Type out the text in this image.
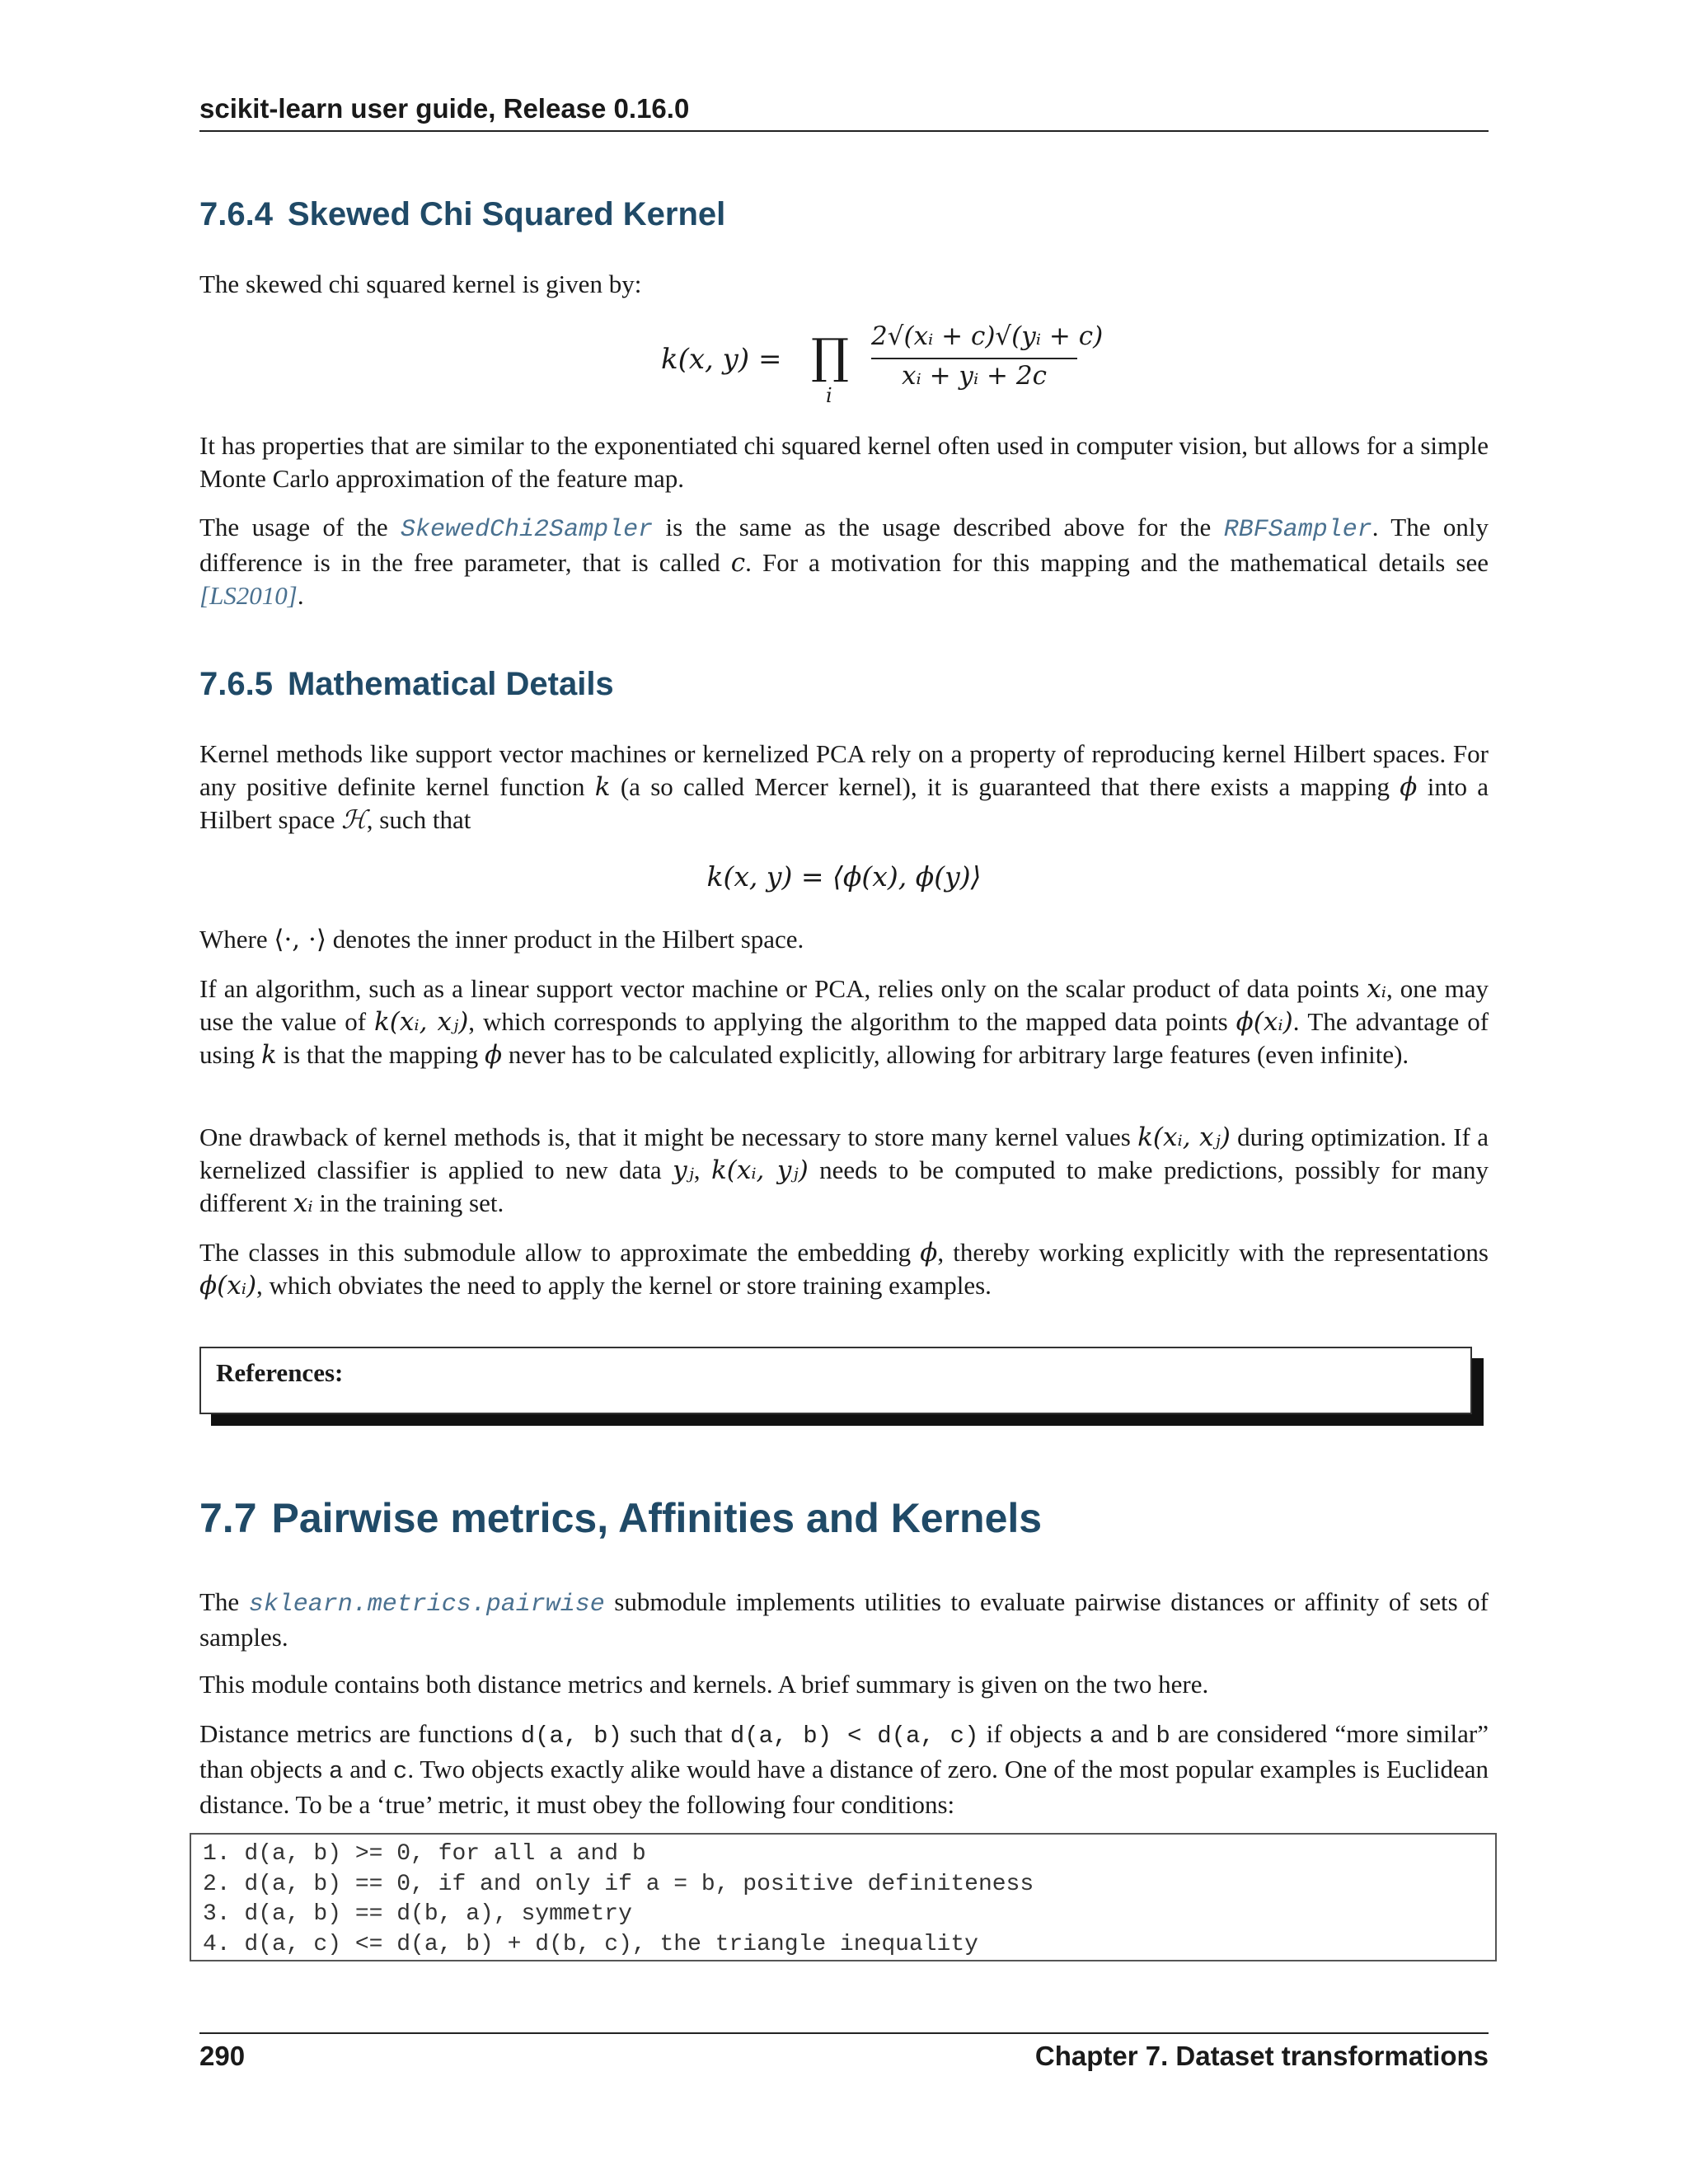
scikit-learn user guide, Release 0.16.0
7.6.4 Skewed Chi Squared Kernel

The skewed chi squared kernel is given by:

k(x, y) = ∏
i
2√(xᵢ + c)√(yᵢ + c)
xᵢ + yᵢ + 2c

It has properties that are similar to the exponentiated chi squared kernel often used in computer vision, but allows for a simple Monte Carlo approximation of the feature map.

The usage of the SkewedChi2Sampler is the same as the usage described above for the RBFSampler. The only difference is in the free parameter, that is called c. For a motivation for this mapping and the mathematical details see [LS2010].

7.6.5 Mathematical Details

Kernel methods like support vector machines or kernelized PCA rely on a property of reproducing kernel Hilbert spaces. For any positive definite kernel function k (a so called Mercer kernel), it is guaranteed that there exists a mapping ϕ into a Hilbert space ℋ, such that

k(x, y) = ⟨ϕ(x), ϕ(y)⟩

Where ⟨·, ·⟩ denotes the inner product in the Hilbert space.

If an algorithm, such as a linear support vector machine or PCA, relies only on the scalar product of data points xᵢ, one may use the value of k(xᵢ, xⱼ), which corresponds to applying the algorithm to the mapped data points ϕ(xᵢ). The advantage of using k is that the mapping ϕ never has to be calculated explicitly, allowing for arbitrary large features (even infinite).

One drawback of kernel methods is, that it might be necessary to store many kernel values k(xᵢ, xⱼ) during optimization. If a kernelized classifier is applied to new data yⱼ, k(xᵢ, yⱼ) needs to be computed to make predictions, possibly for many different xᵢ in the training set.

The classes in this submodule allow to approximate the embedding ϕ, thereby working explicitly with the representations ϕ(xᵢ), which obviates the need to apply the kernel or store training examples.

References:
7.7 Pairwise metrics, Affinities and Kernels

The sklearn.metrics.pairwise submodule implements utilities to evaluate pairwise distances or affinity of sets of samples.

This module contains both distance metrics and kernels. A brief summary is given on the two here.

Distance metrics are functions d(a, b) such that d(a, b) < d(a, c) if objects a and b are considered “more similar” than objects a and c. Two objects exactly alike would have a distance of zero. One of the most popular examples is Euclidean distance. To be a ‘true’ metric, it must obey the following four conditions:

1. d(a, b) >= 0, for all a and b
2. d(a, b) == 0, if and only if a = b, positive definiteness
3. d(a, b) == d(b, a), symmetry
4. d(a, c) <= d(a, b) + d(b, c), the triangle inequality
290	Chapter 7. Dataset transformations
